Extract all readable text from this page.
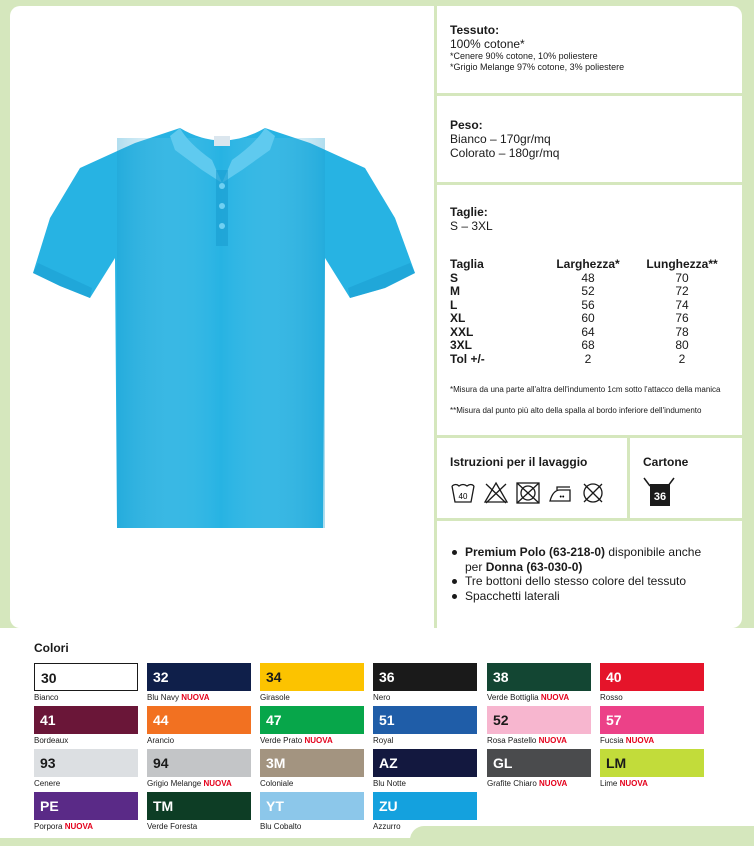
Tessuto:
100% cotone*
*Cenere 90% cotone, 10% poliestere
*Grigio Melange 97% cotone, 3% poliestere
Peso:
Bianco – 170gr/mq
Colorato – 180gr/mq
Taglie:
S – 3XL
Taglia	Larghezza*	Lunghezza**
S	48	70
M	52	72
L	56	74
XL	60	76
XXL	64	78
3XL	68	80
Tol +/-	2	2
*Misura da una parte all'altra dell'indumento 1cm sotto l'attacco della manica
**Misura dal punto più alto della spalla al bordo inferiore dell'indumento
Istruzioni per il lavaggio
40	••
Cartone
36
Premium Polo (63-218-0) disponibile anche per Donna (63-030-0)
Tre bottoni dello stesso colore del tessuto
Spacchetti laterali
Colori
30
Bianco
32
Blu Navy NUOVA
34
Girasole
36
Nero
38
Verde Bottiglia NUOVA
40
Rosso
41
Bordeaux
44
Arancio
47
Verde Prato NUOVA
51
Royal
52
Rosa Pastello NUOVA
57
Fucsia NUOVA
93
Cenere
94
Grigio Melange NUOVA
3M
Coloniale
AZ
Blu Notte
GL
Grafite Chiaro NUOVA
LM
Lime NUOVA
PE
Porpora NUOVA
TM
Verde Foresta
YT
Blu Cobalto
ZU
Azzurro
